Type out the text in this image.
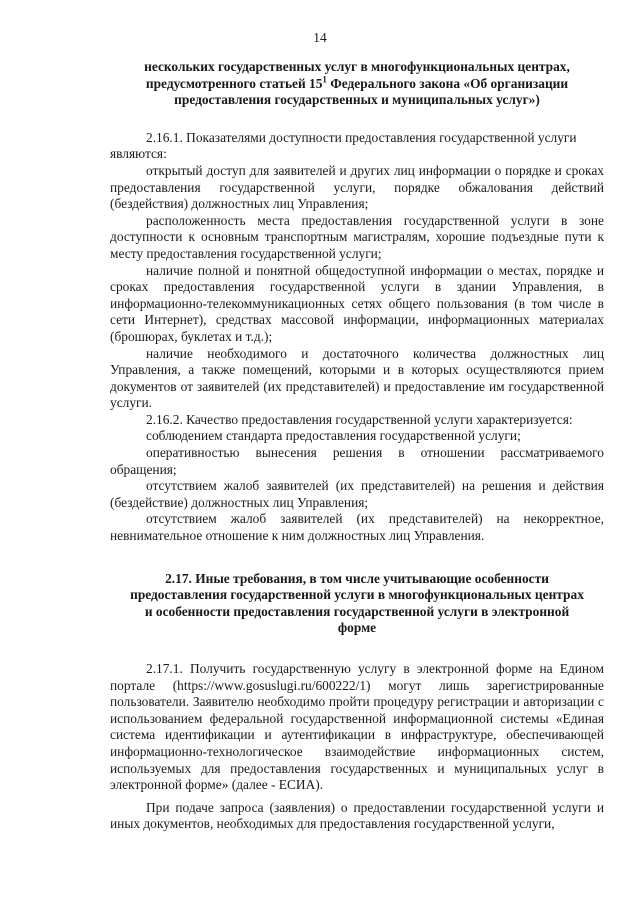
14
нескольких государственных услуг в многофункциональных центрах,
предусмотренного статьей $15^1$ Федерального закона «Об организации
предоставления государственных и муниципальных услуг»)

2.16.1. Показателями доступности предоставления государственной услуги
являются:

открытый доступ для заявителей и других лиц информации о порядке и сроках предоставления государственной услуги, порядке обжалования действий (бездействия) должностных лиц Управления;

расположенность места предоставления государственной услуги в зоне доступности к основным транспортным магистралям, хорошие подъездные пути к месту предоставления государственной услуги;

наличие полной и понятной общедоступной информации о местах, порядке и сроках предоставления государственной услуги в здании Управления, в информационно-телекоммуникационных сетях общего пользования (в том числе в сети Интернет), средствах массовой информации, информационных материалах (брошюрах, буклетах и т.д.);

наличие необходимого и достаточного количества должностных лиц Управления, а также помещений, которыми и в которых осуществляются прием документов от заявителей (их представителей) и предоставление им государственной услуги.

2.16.2. Качество предоставления государственной услуги характеризуется:

соблюдением стандарта предоставления государственной услуги;

оперативностью вынесения решения в отношении рассматриваемого обращения;

отсутствием жалоб заявителей (их представителей) на решения и действия (бездействие) должностных лиц Управления;

отсутствием жалоб заявителей (их представителей) на некорректное, невнимательное отношение к ним должностных лиц Управления.

2.17. Иные требования, в том числе учитывающие особенности
предоставления государственной услуги в многофункциональных центрах
и особенности предоставления государственной услуги в электронной
форме

2.17.1. Получить государственную услугу в электронной форме на Едином портале (https://www.gosuslugi.ru/600222/1) могут лишь зарегистрированные пользователи. Заявителю необходимо пройти процедуру регистрации и авторизации с использованием федеральной государственной информационной системы «Единая система идентификации и аутентификации в инфраструктуре, обеспечивающей информационно-технологическое взаимодействие информационных систем, используемых для предоставления государственных и муниципальных услуг в электронной форме» (далее - ЕСИА).

При подаче запроса (заявления) о предоставлении государственной услуги и иных документов, необходимых для предоставления государственной услуги,
